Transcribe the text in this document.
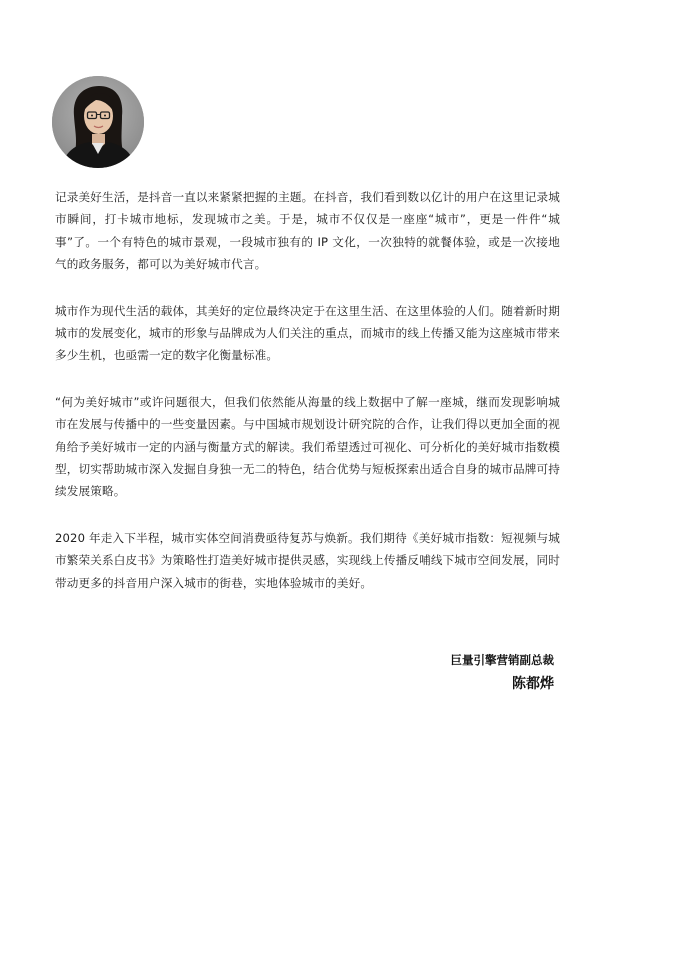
记录美好生活，是抖音一直以来紧紧把握的主题。在抖音，我们看到数以亿计的用户在这里记录城市瞬间，打卡城市地标，发现城市之美。于是，城市不仅仅是一座座“城市”，更是一件件“城事”了。一个有特色的城市景观，一段城市独有的 IP 文化，一次独特的就餐体验，或是一次接地气的政务服务，都可以为美好城市代言。

城市作为现代生活的载体，其美好的定位最终决定于在这里生活、在这里体验的人们。随着新时期城市的发展变化，城市的形象与品牌成为人们关注的重点，而城市的线上传播又能为这座城市带来多少生机，也亟需一定的数字化衡量标准。

“何为美好城市”或许问题很大，但我们依然能从海量的线上数据中了解一座城，继而发现影响城市在发展与传播中的一些变量因素。与中国城市规划设计研究院的合作，让我们得以更加全面的视角给予美好城市一定的内涵与衡量方式的解读。我们希望透过可视化、可分析化的美好城市指数模型，切实帮助城市深入发掘自身独一无二的特色，结合优势与短板探索出适合自身的城市品牌可持续发展策略。

2020 年走入下半程，城市实体空间消费亟待复苏与焕新。我们期待《美好城市指数：短视频与城市繁荣关系白皮书》为策略性打造美好城市提供灵感，实现线上传播反哺线下城市空间发展，同时带动更多的抖音用户深入城市的街巷，实地体验城市的美好。

巨量引擎营销副总裁
陈都烨
